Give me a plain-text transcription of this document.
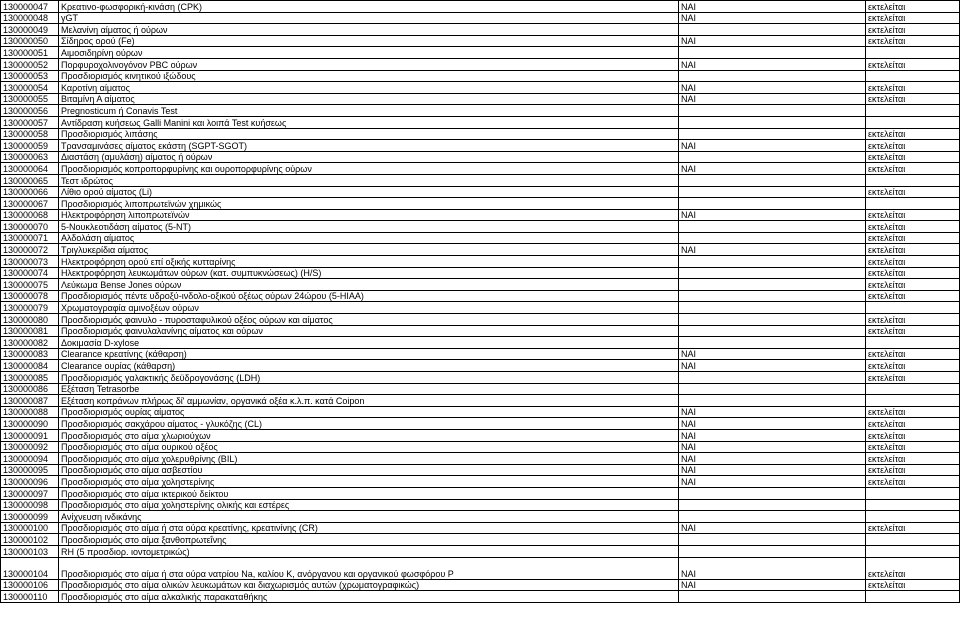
130000047	Κρεατινο-φωσφορική-κινάση (CPK)	ΝΑΙ	εκτελείται
130000048	γGT	ΝΑΙ	εκτελείται
130000049	Μελανίνη αίματος ή ούρων		εκτελείται
130000050	Σίδηρος ορού (Fe)	ΝΑΙ	εκτελείται
130000051	Αιμοσιδηρίνη ούρων		
130000052	Πορφυροχολινογόνον PBC ούρων	ΝΑΙ	εκτελείται
130000053	Προσδιορισμός κινητικού ιξώδους		
130000054	Καροτίνη αίματος	ΝΑΙ	εκτελείται
130000055	Βιταμίνη Α αίματος	ΝΑΙ	εκτελείται
130000056	Pregnosticum ή Conavis Test		
130000057	Αντίδραση κυήσεως Galli Manini και λοιπά Test κυήσεως		
130000058	Προσδιορισμός λιπάσης		εκτελείται
130000059	Τρανσαμινάσες αίματος εκάστη (SGPT-SGOT)	ΝΑΙ	εκτελείται
130000063	Διαστάση (αμυλάση) αίματος ή ούρων		εκτελείται
130000064	Προσδιορισμός κοπροπορφυρίνης και ουροπορφυρίνης ούρων	ΝΑΙ	εκτελείται
130000065	Τεστ ιδρώτος		
130000066	Λίθιο ορού αίματος (Li)		εκτελείται
130000067	Προσδιορισμός λιποπρωτεϊνών χημικώς		
130000068	Ηλεκτροφόρηση λιποπρωτεϊνών	ΝΑΙ	εκτελείται
130000070	5-Νουκλεοτιδάση αίματος (5-NT)		εκτελείται
130000071	Αλδολάση αίματος		εκτελείται
130000072	Τριγλυκερίδια αίματος	ΝΑΙ	εκτελείται
130000073	Ηλεκτροφόρηση ορού επί οξικής κυτταρίνης		εκτελείται
130000074	Ηλεκτροφόρηση λευκωμάτων ούρων (κατ. συμπυκνώσεως) (H/S)		εκτελείται
130000075	Λεύκωμα Bense Jones ούρων		εκτελείται
130000078	Προσδιορισμός πέντε υδροξύ-ινδολο-οξικού οξέως ούρων 24ώρου (5-HIAA)		εκτελείται
130000079	Χρωματογραφία αμινοξέων ούρων		
130000080	Προσδιορισμός φαινυλο - πυροσταφυλικού οξέος ούρων και αίματος		εκτελείται
130000081	Προσδιορισμός φαινυλαλανίνης αίματος και ούρων		εκτελείται
130000082	Δοκιμασία D-xylose		
130000083	Clearance κρεατίνης (κάθαρση)	ΝΑΙ	εκτελείται
130000084	Clearance ουρίας (κάθαρση)	ΝΑΙ	εκτελείται
130000085	Προσδιορισμός γαλακτικής δεϋδρογονάσης (LDH)		εκτελείται
130000086	Εξέταση Tetrasorbe		
130000087	Εξέταση κοπράνων πλήρως δί' αμμωνίαν, οργανικά οξέα κ.λ.π. κατά Coipon		
130000088	Προσδιορισμός ουρίας αίματος	ΝΑΙ	εκτελείται
130000090	Προσδιορισμός σακχάρου αίματος - γλυκόζης (CL)	ΝΑΙ	εκτελείται
130000091	Προσδιορισμός στο αίμα χλωριούχων	ΝΑΙ	εκτελείται
130000092	Προσδιορισμός στο αίμα ουρικού οξέος	ΝΑΙ	εκτελείται
130000094	Προσδιορισμός στο αίμα χολερυθρίνης (BIL)	ΝΑΙ	εκτελείται
130000095	Προσδιορισμός στο αίμα ασβεστίου	ΝΑΙ	εκτελείται
130000096	Προσδιορισμός στο αίμα χοληστερίνης	ΝΑΙ	εκτελείται
130000097	Προσδιορισμός στο αίμα ικτερικού δείκτου		
130000098	Προσδιορισμός στο αίμα χοληστερίνης ολικής και εστέρες		
130000099	Ανίχνευση ινδικάνης		
130000100	Προσδιορισμός στο αίμα ή στα ούρα κρεατίνης, κρεατινίνης (CR)	ΝΑΙ	εκτελείται
130000102	Προσδιορισμός στο αίμα ξανθοπρωτεΐνης		
130000103	RH (5 προσδιορ. ιοντομετρικώς)		
130000104	Προσδιορισμός στο αίμα ή στα ούρα νατρίου Na, καλίου K, ανόργανου και οργανικού φωσφόρου P	ΝΑΙ	εκτελείται
130000106	Προσδιορισμός στο αίμα ολικών λευκωμάτων και διαχωρισμός αυτών (χρωματογραφικώς)	ΝΑΙ	εκτελείται
130000110	Προσδιορισμός στο αίμα αλκαλικής παρακαταθήκης		
